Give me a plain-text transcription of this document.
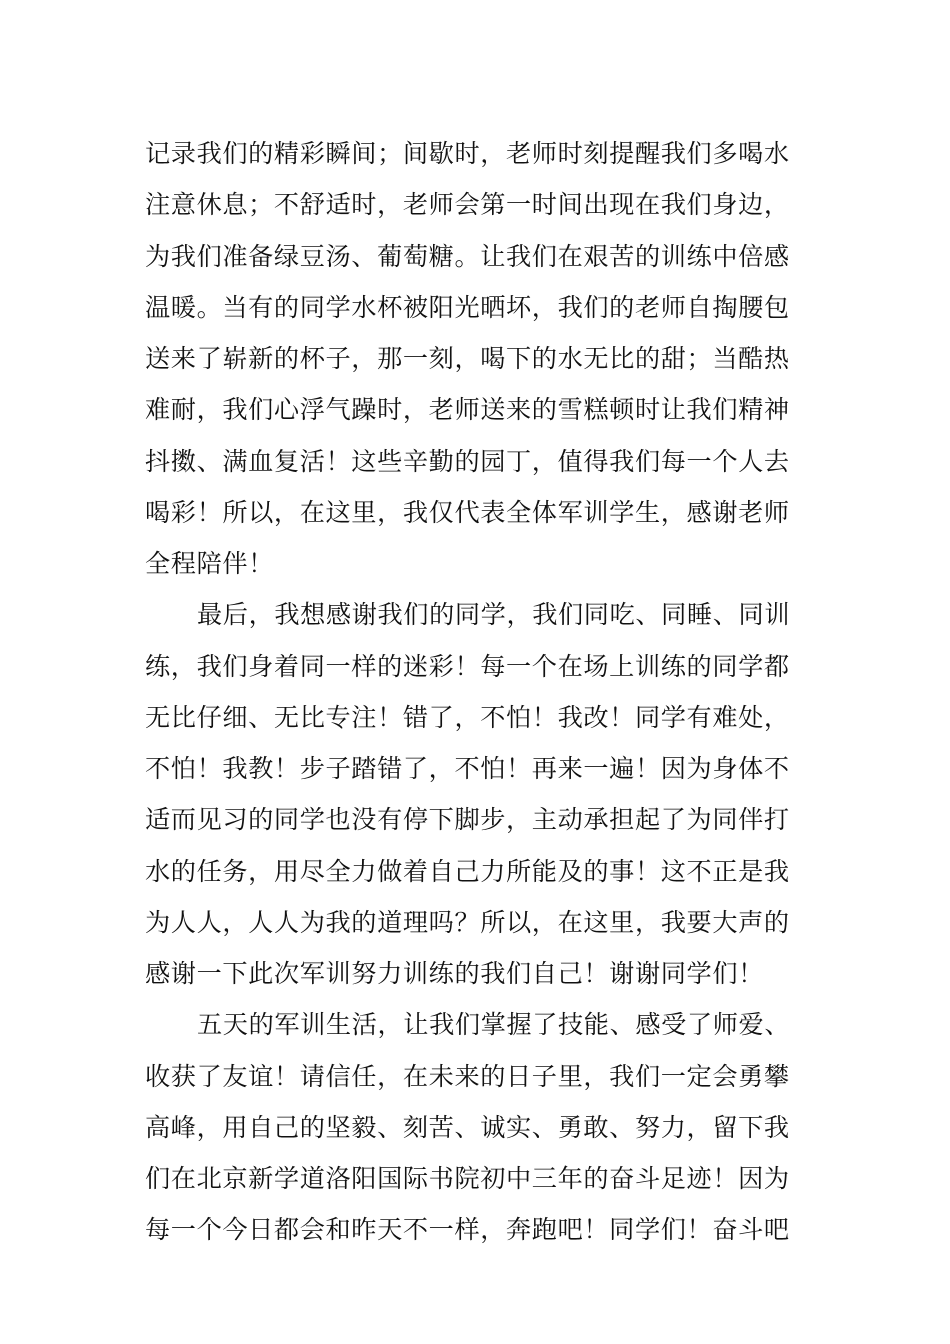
记录我们的精彩瞬间；间歇时，老师时刻提醒我们多喝水
注意休息；不舒适时，老师会第一时间出现在我们身边，
为我们准备绿豆汤、葡萄糖。让我们在艰苦的训练中倍感
温暖。当有的同学水杯被阳光晒坏，我们的老师自掏腰包
送来了崭新的杯子，那一刻，喝下的水无比的甜；当酷热
难耐，我们心浮气躁时，老师送来的雪糕顿时让我们精神
抖擞、满血复活！这些辛勤的园丁，值得我们每一个人去
喝彩！所以，在这里，我仅代表全体军训学生，感谢老师
全程陪伴！
最后，我想感谢我们的同学，我们同吃、同睡、同训
练，我们身着同一样的迷彩！每一个在场上训练的同学都
无比仔细、无比专注！错了，不怕！我改！同学有难处，
不怕！我教！步子踏错了，不怕！再来一遍！因为身体不
适而见习的同学也没有停下脚步，主动承担起了为同伴打
水的任务，用尽全力做着自己力所能及的事！这不正是我
为人人，人人为我的道理吗？所以，在这里，我要大声的
感谢一下此次军训努力训练的我们自己！谢谢同学们！
五天的军训生活，让我们掌握了技能、感受了师爱、
收获了友谊！请信任，在未来的日子里，我们一定会勇攀
高峰，用自己的坚毅、刻苦、诚实、勇敢、努力，留下我
们在北京新学道洛阳国际书院初中三年的奋斗足迹！因为
每一个今日都会和昨天不一样，奔跑吧！同学们！奋斗吧
